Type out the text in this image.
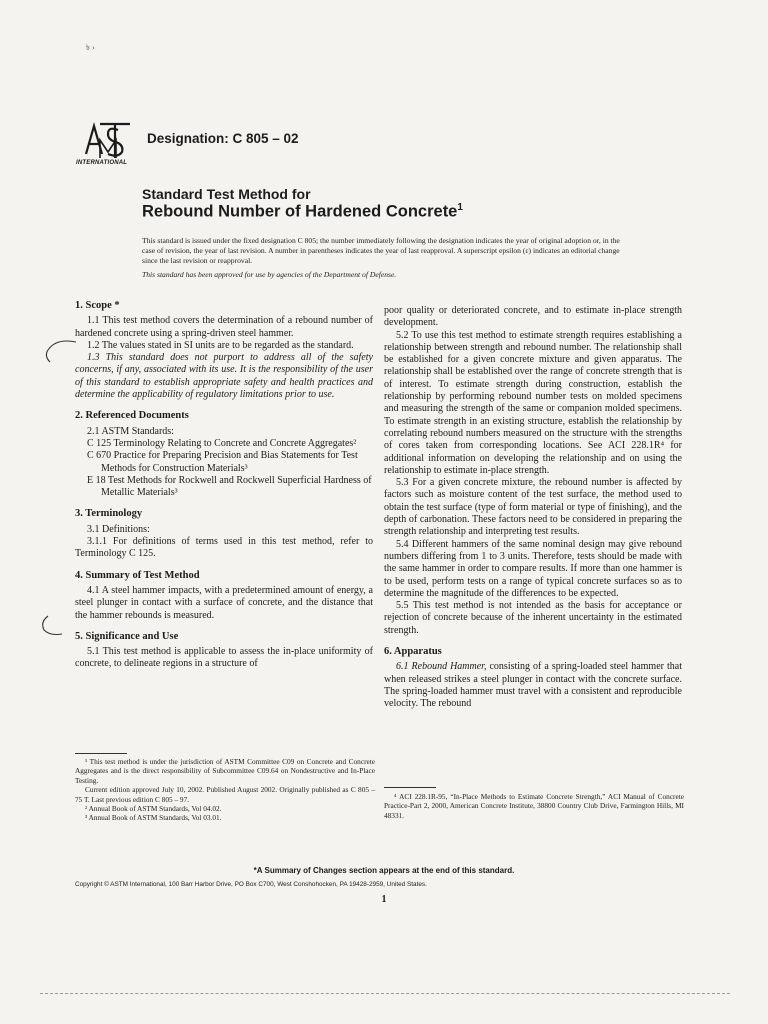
৳ ›
INTERNATIONAL
Designation: C 805 – 02
Standard Test Method for
Rebound Number of Hardened Concrete$^1$
This standard is issued under the fixed designation C 805; the number immediately following the designation indicates the year of original adoption or, in the case of revision, the year of last revision. A number in parentheses indicates the year of last reapproval. A superscript epsilon (ε) indicates an editorial change since the last revision or reapproval.
This standard has been approved for use by agencies of the Department of Defense.
1. Scope *

1.1 This test method covers the determination of a rebound number of hardened concrete using a spring-driven steel hammer.

1.2 The values stated in SI units are to be regarded as the standard.

1.3 This standard does not purport to address all of the safety concerns, if any, associated with its use. It is the responsibility of the user of this standard to establish appropriate safety and health practices and determine the applicability of regulatory limitations prior to use.

2. Referenced Documents

2.1 ASTM Standards:

C 125 Terminology Relating to Concrete and Concrete Aggregates²

C 670 Practice for Preparing Precision and Bias Statements for Test Methods for Construction Materials³

E 18 Test Methods for Rockwell and Rockwell Superficial Hardness of Metallic Materials³

3. Terminology

3.1 Definitions:

3.1.1 For definitions of terms used in this test method, refer to Terminology C 125.

4. Summary of Test Method

4.1 A steel hammer impacts, with a predetermined amount of energy, a steel plunger in contact with a surface of concrete, and the distance that the hammer rebounds is measured.

5. Significance and Use

5.1 This test method is applicable to assess the in-place uniformity of concrete, to delineate regions in a structure of

poor quality or deteriorated concrete, and to estimate in-place strength development.

5.2 To use this test method to estimate strength requires establishing a relationship between strength and rebound number. The relationship shall be established for a given concrete mixture and given apparatus. The relationship shall be established over the range of concrete strength that is of interest. To estimate strength during construction, establish the relationship by performing rebound number tests on molded specimens and measuring the strength of the same or companion molded specimens. To estimate strength in an existing structure, establish the relationship by correlating rebound numbers measured on the structure with the strengths of cores taken from corresponding locations. See ACI 228.1R⁴ for additional information on developing the relationship and on using the relationship to estimate in-place strength.

5.3 For a given concrete mixture, the rebound number is affected by factors such as moisture content of the test surface, the method used to obtain the test surface (type of form material or type of finishing), and the depth of carbonation. These factors need to be considered in preparing the strength relationship and interpreting test results.

5.4 Different hammers of the same nominal design may give rebound numbers differing from 1 to 3 units. Therefore, tests should be made with the same hammer in order to compare results. If more than one hammer is to be used, perform tests on a range of typical concrete surfaces so as to determine the magnitude of the differences to be expected.

5.5 This test method is not intended as the basis for acceptance or rejection of concrete because of the inherent uncertainty in the estimated strength.

6. Apparatus

6.1 Rebound Hammer, consisting of a spring-loaded steel hammer that when released strikes a steel plunger in contact with the concrete surface. The spring-loaded hammer must travel with a consistent and reproducible velocity. The rebound

¹ This test method is under the jurisdiction of ASTM Committee C09 on Concrete and Concrete Aggregates and is the direct responsibility of Subcommittee C09.64 on Nondestructive and In-Place Testing.

Current edition approved July 10, 2002. Published August 2002. Originally published as C 805 – 75 T. Last previous edition C 805 – 97.

² Annual Book of ASTM Standards, Vol 04.02.

³ Annual Book of ASTM Standards, Vol 03.01.

⁴ ACI 228.1R-95, “In-Place Methods to Estimate Concrete Strength,” ACI Manual of Concrete Practice-Part 2, 2000, American Concrete Institute, 38800 Country Club Drive, Farmington Hills, MI 48331.

*A Summary of Changes section appears at the end of this standard.
Copyright © ASTM International, 100 Barr Harbor Drive, PO Box C700, West Conshohocken, PA 19428-2959, United States.
1
